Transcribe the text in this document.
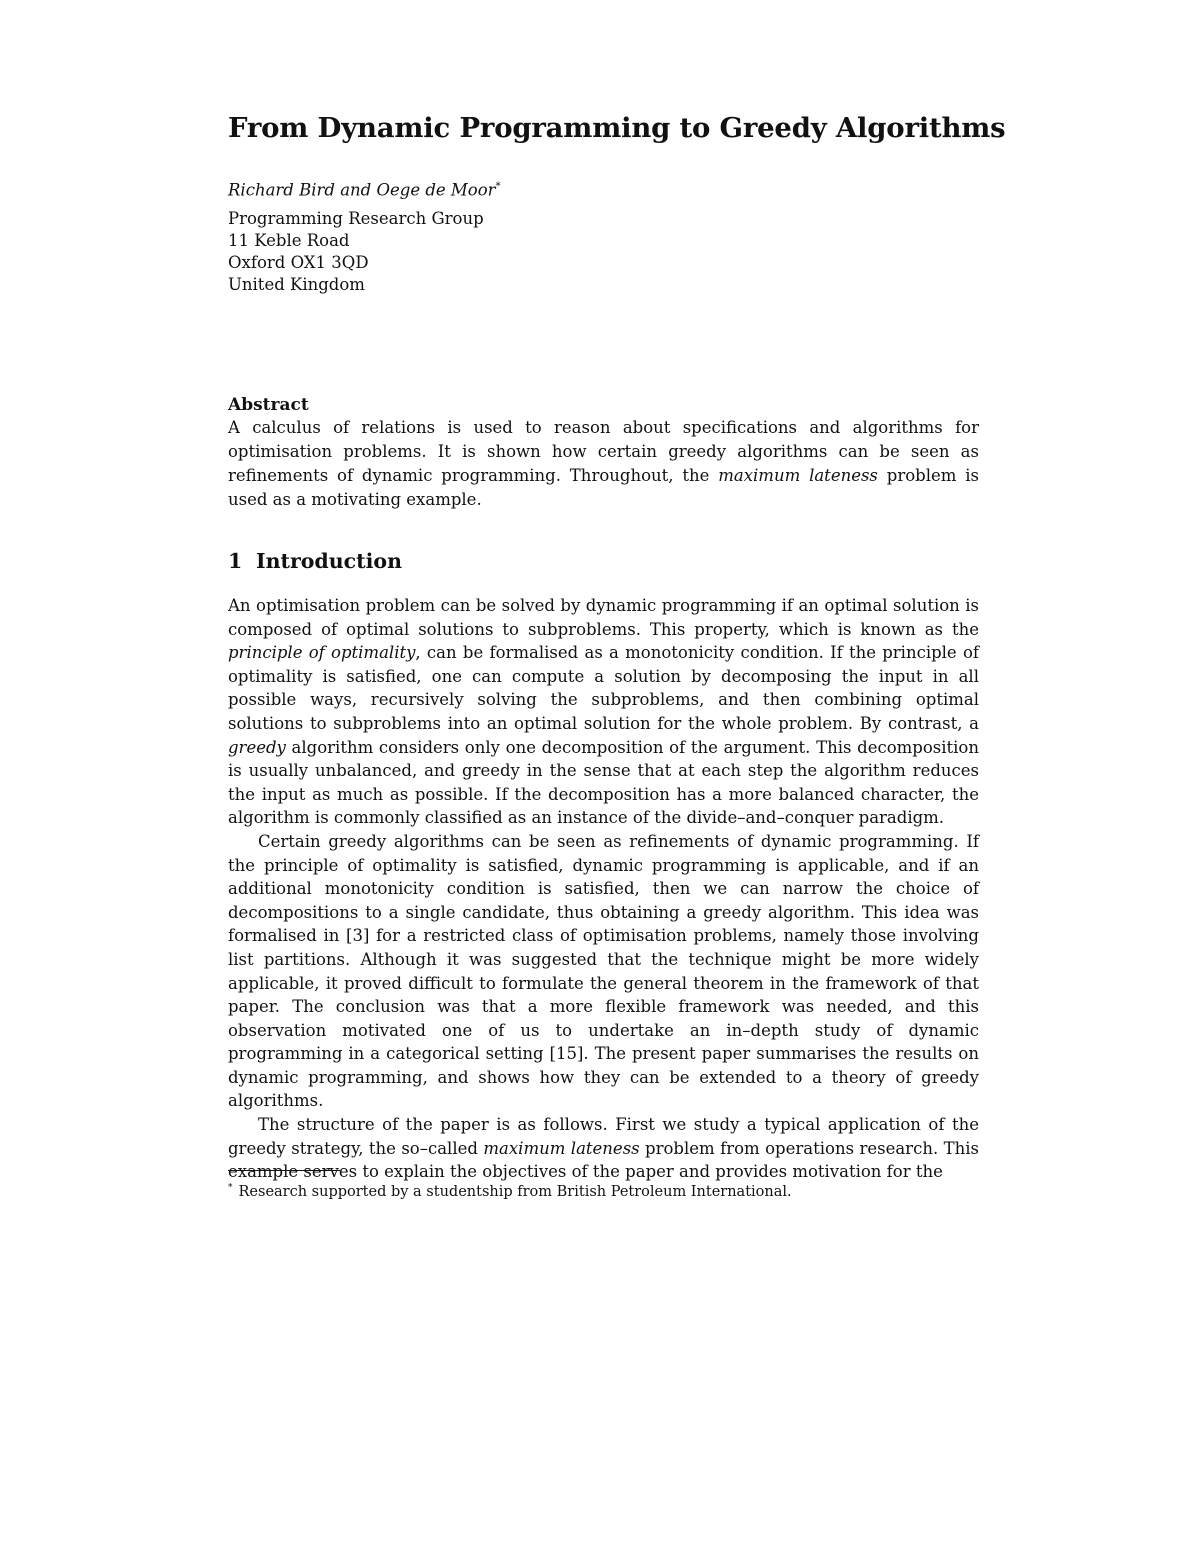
From Dynamic Programming to Greedy Algorithms
Richard Bird and Oege de Moor*
Programming Research Group
11 Keble Road
Oxford OX1 3QD
United Kingdom
Abstract

A calculus of relations is used to reason about specifications and algorithms for optimisation problems. It is shown how certain greedy algorithms can be seen as refinements of dynamic programming. Throughout, the maximum lateness problem is used as a motivating example.

1 Introduction

An optimisation problem can be solved by dynamic programming if an optimal solution is composed of optimal solutions to subproblems. This property, which is known as the principle of optimality, can be formalised as a monotonicity condition. If the principle of optimality is satisfied, one can compute a solution by decomposing the input in all possible ways, recursively solving the subproblems, and then combining optimal solutions to subproblems into an optimal solution for the whole problem. By contrast, a greedy algorithm considers only one decomposition of the argument. This decomposition is usually unbalanced, and greedy in the sense that at each step the algorithm reduces the input as much as possible. If the decomposition has a more balanced character, the algorithm is commonly classified as an instance of the divide–and–conquer paradigm.

Certain greedy algorithms can be seen as refinements of dynamic programming. If the principle of optimality is satisfied, dynamic programming is applicable, and if an additional monotonicity condition is satisfied, then we can narrow the choice of decompositions to a single candidate, thus obtaining a greedy algorithm. This idea was formalised in [3] for a restricted class of optimisation problems, namely those involving list partitions. Although it was suggested that the technique might be more widely applicable, it proved difficult to formulate the general theorem in the framework of that paper. The conclusion was that a more flexible framework was needed, and this observation motivated one of us to undertake an in–depth study of dynamic programming in a categorical setting [15]. The present paper summarises the results on dynamic programming, and shows how they can be extended to a theory of greedy algorithms.

The structure of the paper is as follows. First we study a typical application of the greedy strategy, the so–called maximum lateness problem from operations research. This example serves to explain the objectives of the paper and provides motivation for the

* Research supported by a studentship from British Petroleum International.
